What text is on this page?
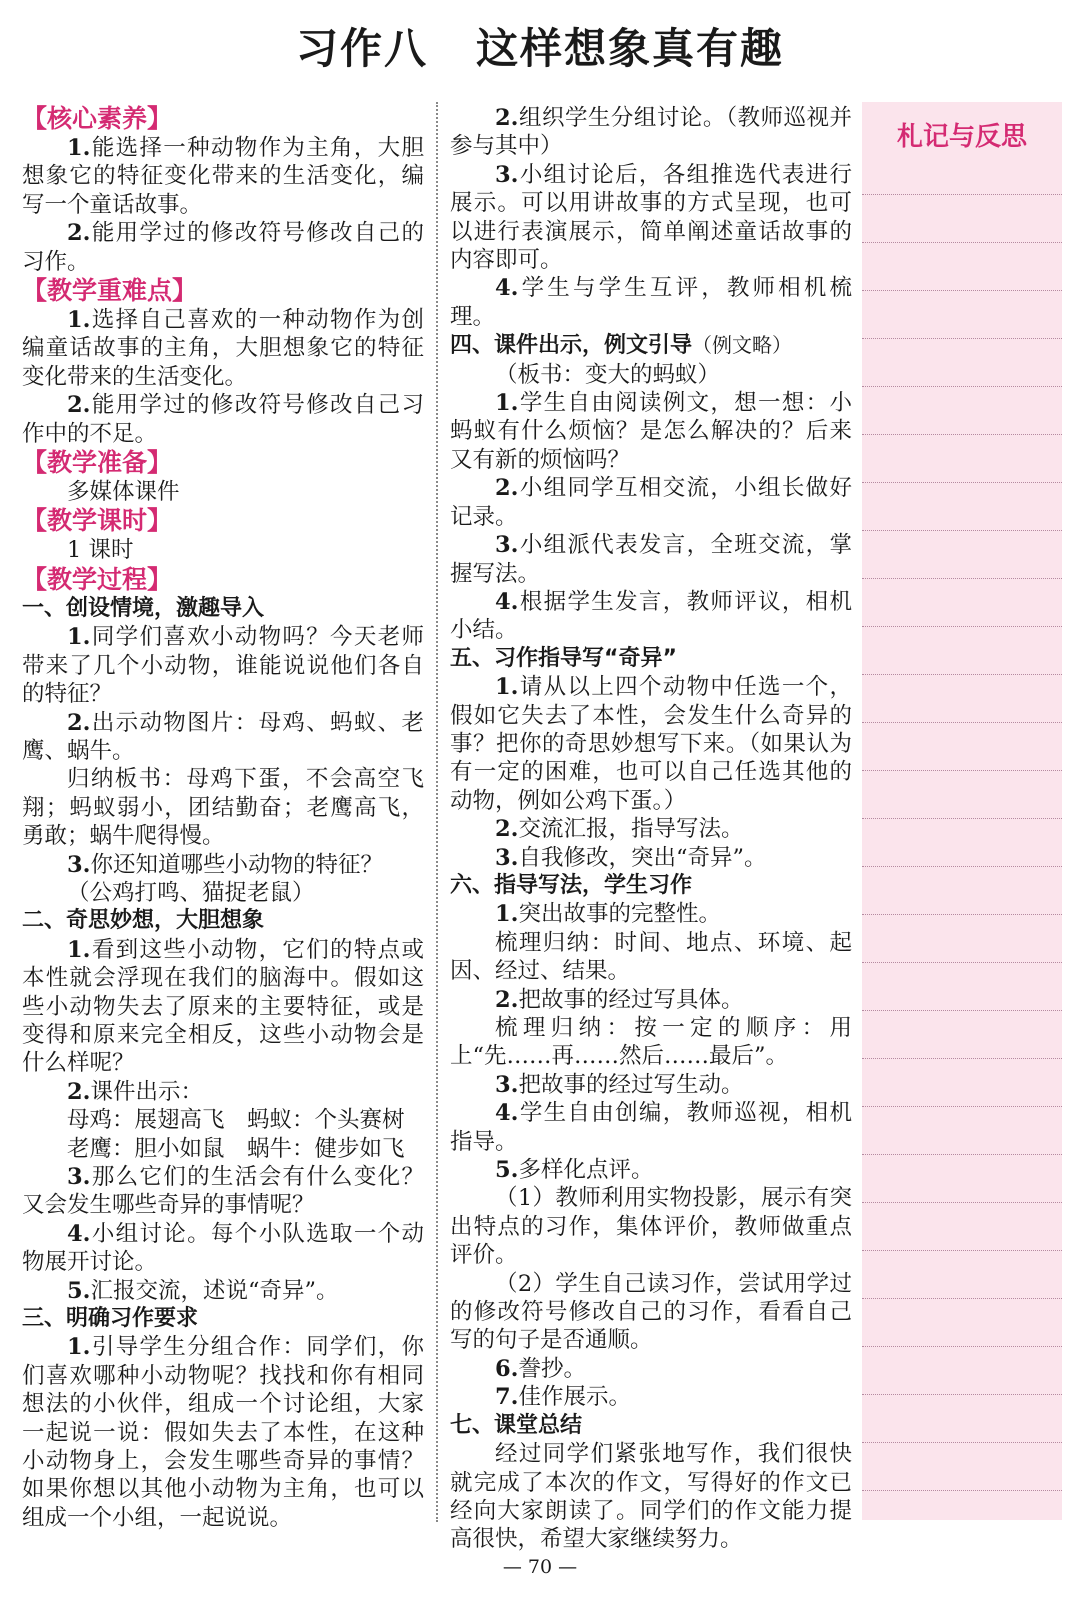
习作八 这样想象真有趣

【核心素养】

1.能选择一种动物作为主角，大胆想象它的特征变化带来的生活变化，编写一个童话故事。

2.能用学过的修改符号修改自己的习作。

【教学重难点】

1.选择自己喜欢的一种动物作为创编童话故事的主角，大胆想象它的特征变化带来的生活变化。

2.能用学过的修改符号修改自己习作中的不足。

【教学准备】

多媒体课件

【教学课时】

1 课时

【教学过程】

一、创设情境，激趣导入

1.同学们喜欢小动物吗？今天老师带来了几个小动物，谁能说说他们各自的特征？

2.出示动物图片：母鸡、蚂蚁、老鹰、蜗牛。

归纳板书：母鸡下蛋，不会高空飞翔；蚂蚁弱小，团结勤奋；老鹰高飞，勇敢；蜗牛爬得慢。

3.你还知道哪些小动物的特征？

（公鸡打鸣、猫捉老鼠）

二、奇思妙想，大胆想象

1.看到这些小动物，它们的特点或本性就会浮现在我们的脑海中。假如这些小动物失去了原来的主要特征，或是变得和原来完全相反，这些小动物会是什么样呢？

2.课件出示：

母鸡：展翅高飞　蚂蚁：个头赛树

老鹰：胆小如鼠　蜗牛：健步如飞

3.那么它们的生活会有什么变化？又会发生哪些奇异的事情呢？

4.小组讨论。每个小队选取一个动物展开讨论。

5.汇报交流，述说“奇异”。

三、明确习作要求

1.引导学生分组合作：同学们，你们喜欢哪种小动物呢？找找和你有相同想法的小伙伴，组成一个讨论组，大家一起说一说：假如失去了本性，在这种小动物身上，会发生哪些奇异的事情？如果你想以其他小动物为主角，也可以组成一个小组，一起说说。

2.组织学生分组讨论。（教师巡视并参与其中）

3.小组讨论后，各组推选代表进行展示。可以用讲故事的方式呈现，也可以进行表演展示，简单阐述童话故事的内容即可。

4.学生与学生互评，教师相机梳理。

四、课件出示，例文引导（例文略）

（板书：变大的蚂蚁）

1.学生自由阅读例文，想一想：小蚂蚁有什么烦恼？是怎么解决的？后来又有新的烦恼吗？

2.小组同学互相交流，小组长做好记录。

3.小组派代表发言，全班交流，掌握写法。

4.根据学生发言，教师评议，相机小结。

五、习作指导写“奇异”

1.请从以上四个动物中任选一个，假如它失去了本性，会发生什么奇异的事？把你的奇思妙想写下来。（如果认为有一定的困难，也可以自己任选其他的动物，例如公鸡下蛋。）

2.交流汇报，指导写法。

3.自我修改，突出“奇异”。

六、指导写法，学生习作

1.突出故事的完整性。

梳理归纳：时间、地点、环境、起因、经过、结果。

2.把故事的经过写具体。

梳理归纳：按一定的顺序：用上“先……再……然后……最后”。

3.把故事的经过写生动。

4.学生自由创编，教师巡视，相机指导。

5.多样化点评。

（1）教师利用实物投影，展示有突出特点的习作，集体评价，教师做重点评价。

（2）学生自己读习作，尝试用学过的修改符号修改自己的习作，看看自己写的句子是否通顺。

6.誊抄。

7.佳作展示。

七、课堂总结

经过同学们紧张地写作，我们很快就完成了本次的作文，写得好的作文已经向大家朗读了。同学们的作文能力提高很快，希望大家继续努力。

札记与反思
— 70 —
